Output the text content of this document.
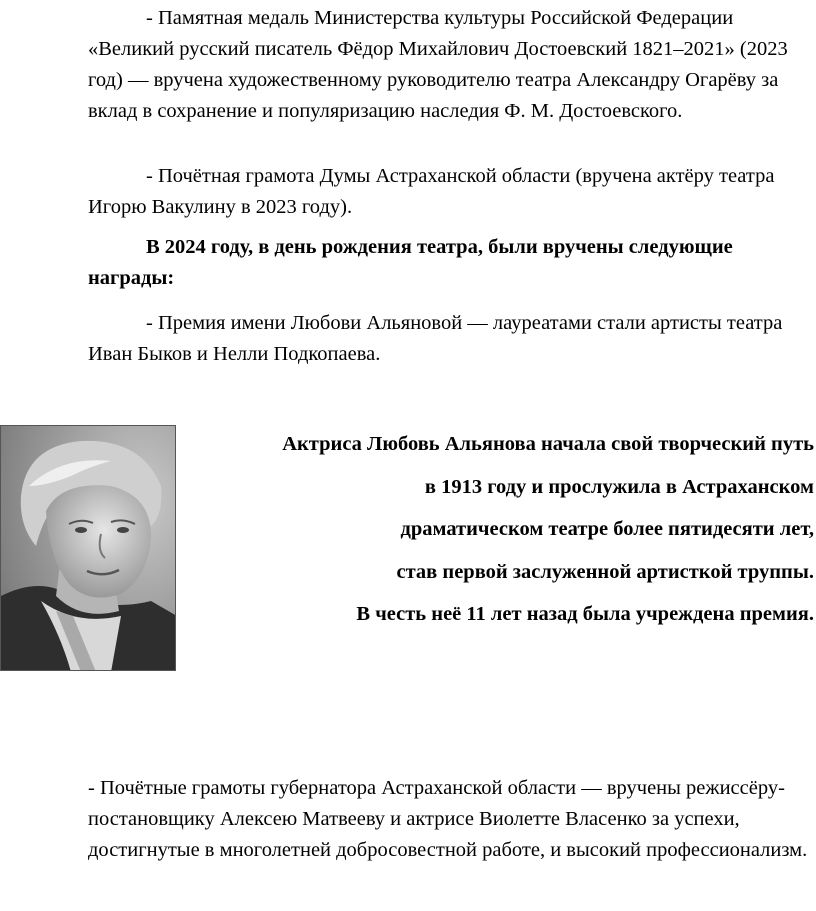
- Памятная медаль Министерства культуры Российской Федерации «Великий русский писатель Фёдор Михайлович Достоевский 1821–2021» (2023 год) — вручена художественному руководителю театра Александру Огарёву за вклад в сохранение и популяризацию наследия Ф. М. Достоевского.

- Почётная грамота Думы Астраханской области (вручена актёру театра Игорю Вакулину в 2023 году).

В 2024 году, в день рождения театра, были вручены следующие награды:

- Премия имени Любови Альяновой — лауреатами стали артисты театра Иван Быков и Нелли Подкопаева.

Актриса Любовь Альянова начала свой творческий путь
в 1913 году и прослужила в Астраханском
драматическом театре более пятидесяти лет,
став первой заслуженной артисткой труппы.
В честь неё 11 лет назад была учреждена премия.

- Почётные грамоты губернатора Астраханской области — вручены режиссёру-постановщику Алексею Матвееву и актрисе Виолетте Власенко за успехи, достигнутые в многолетней добросовестной работе, и высокий профессионализм.
